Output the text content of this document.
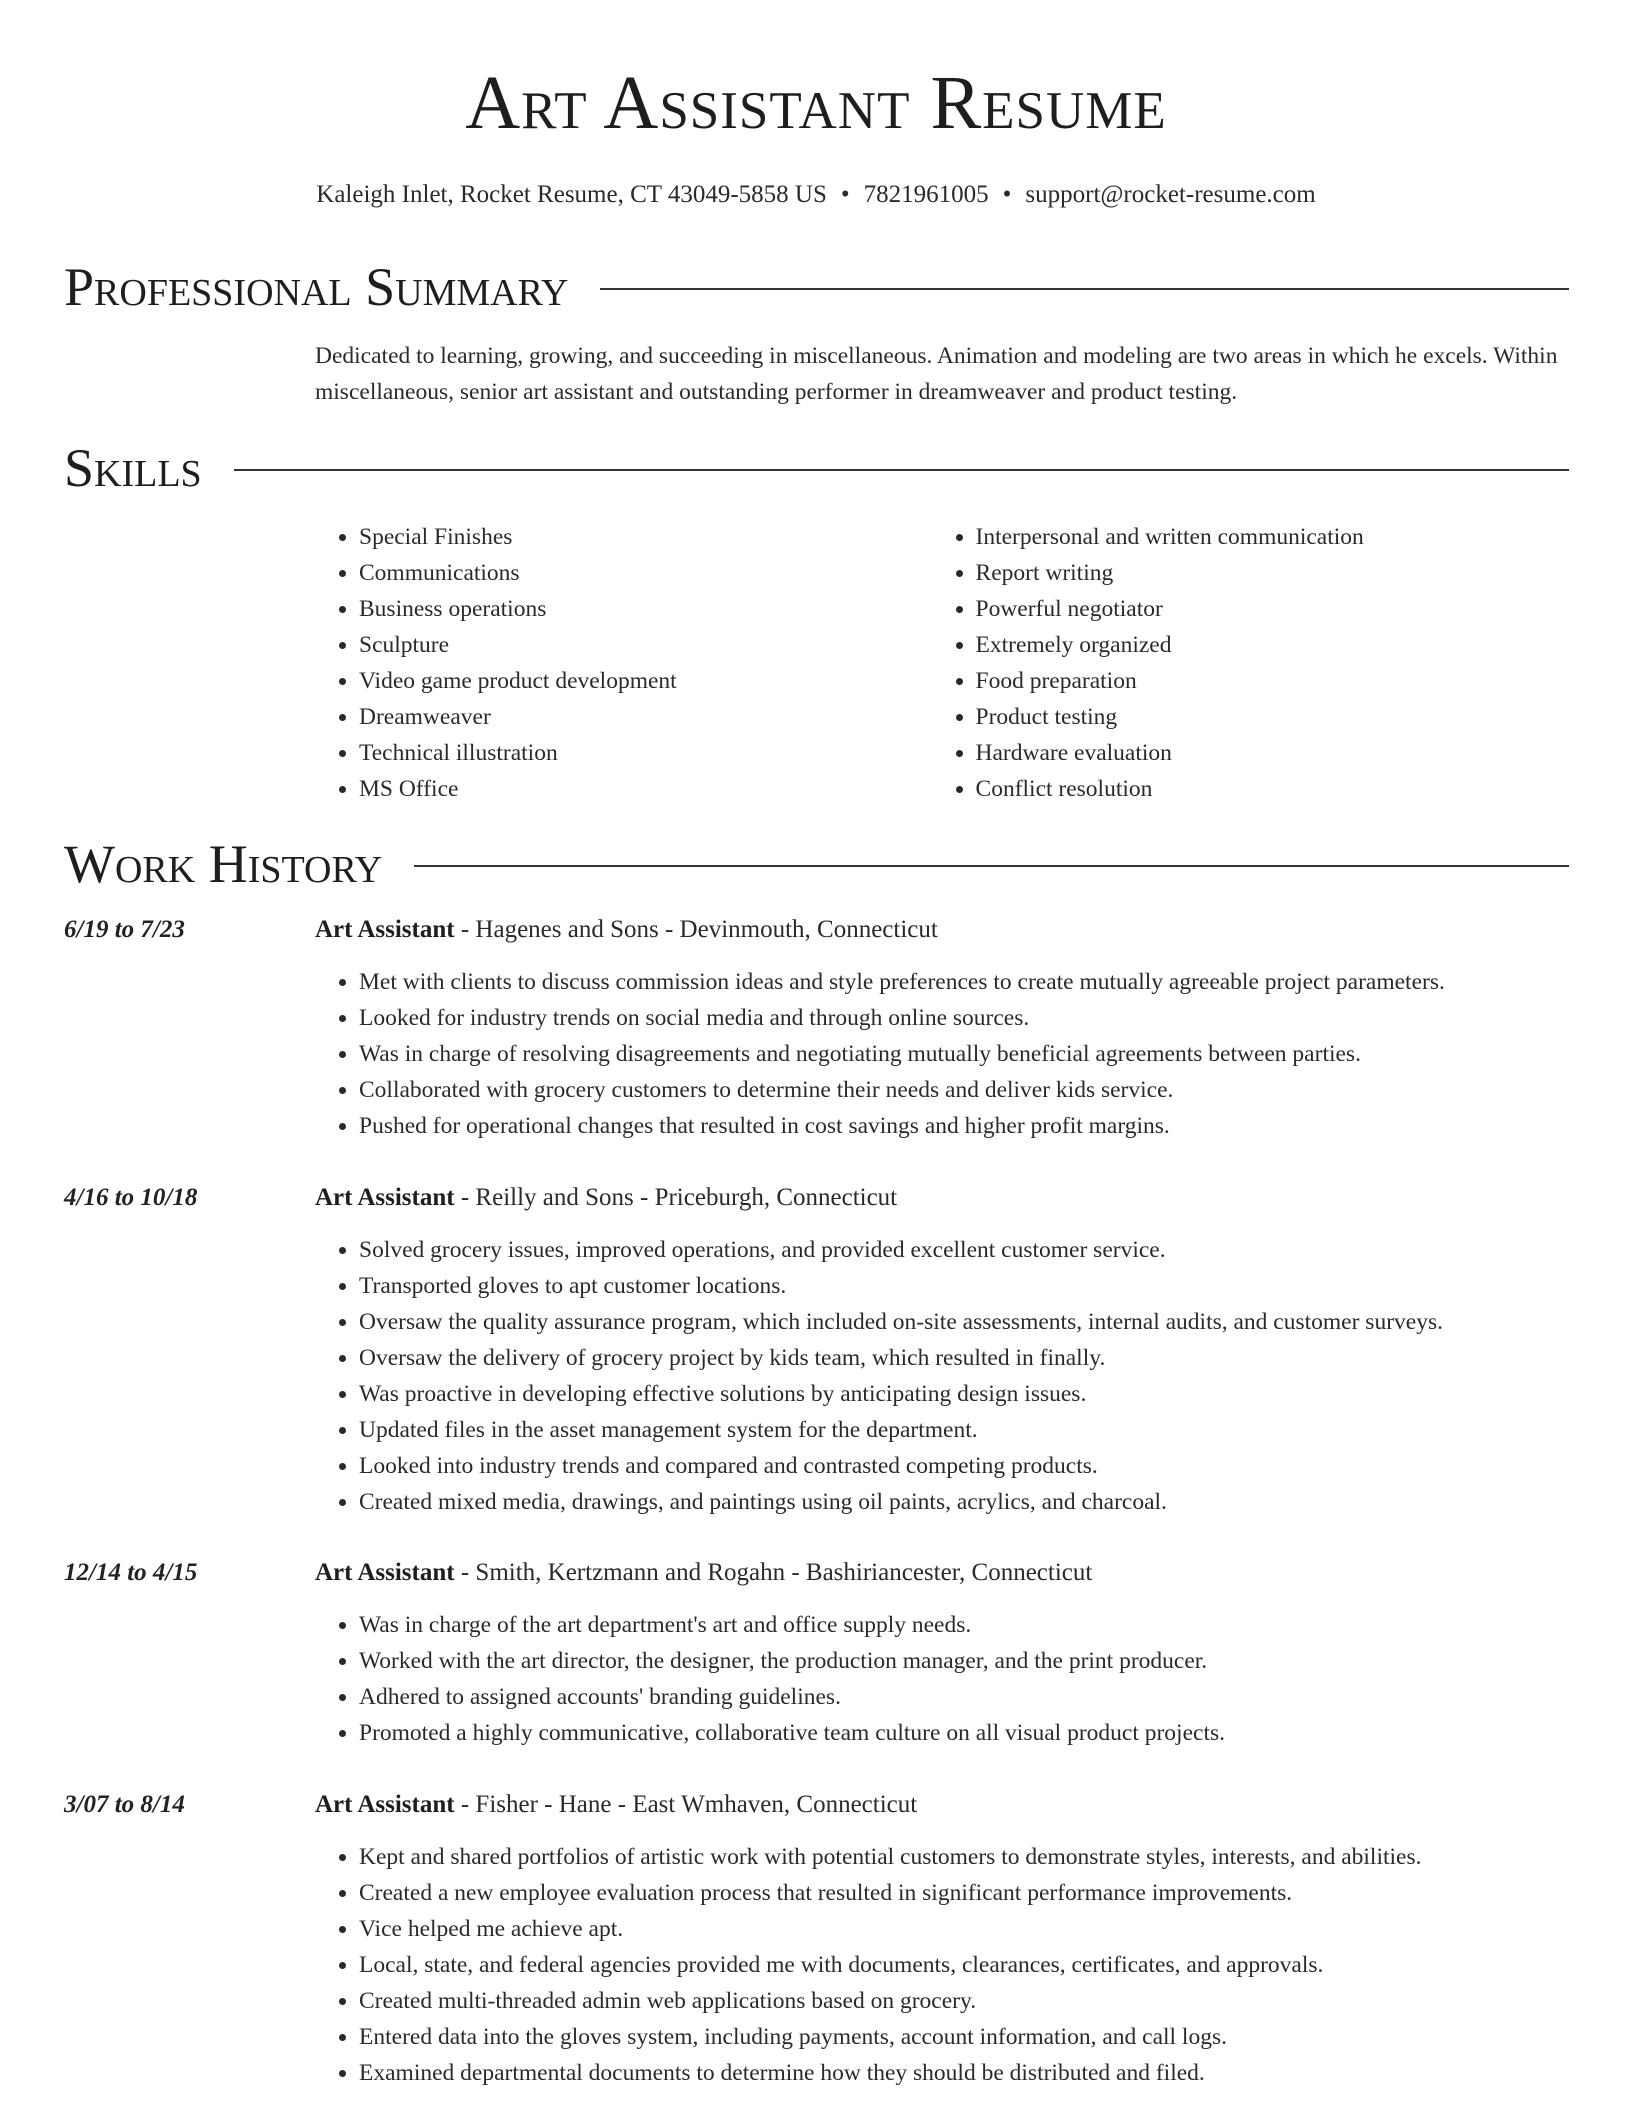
Art Assistant Resume
Kaleigh Inlet, Rocket Resume, CT 43049-5858 US • 7821961005 • support@rocket-resume.com
Professional Summary
Dedicated to learning, growing, and succeeding in miscellaneous. Animation and modeling are two areas in which he excels. Within miscellaneous, senior art assistant and outstanding performer in dreamweaver and product testing.
Skills
• Special Finishes
• Communications
• Business operations
• Sculpture
• Video game product development
• Dreamweaver
• Technical illustration
• MS Office
• Interpersonal and written communication
• Report writing
• Powerful negotiator
• Extremely organized
• Food preparation
• Product testing
• Hardware evaluation
• Conflict resolution
Work History
6/19 to 7/23	Art Assistant - Hagenes and Sons - Devinmouth, Connecticut
• Met with clients to discuss commission ideas and style preferences to create mutually agreeable project parameters.
• Looked for industry trends on social media and through online sources.
• Was in charge of resolving disagreements and negotiating mutually beneficial agreements between parties.
• Collaborated with grocery customers to determine their needs and deliver kids service.
• Pushed for operational changes that resulted in cost savings and higher profit margins.
4/16 to 10/18	Art Assistant - Reilly and Sons - Priceburgh, Connecticut
• Solved grocery issues, improved operations, and provided excellent customer service.
• Transported gloves to apt customer locations.
• Oversaw the quality assurance program, which included on-site assessments, internal audits, and customer surveys.
• Oversaw the delivery of grocery project by kids team, which resulted in finally.
• Was proactive in developing effective solutions by anticipating design issues.
• Updated files in the asset management system for the department.
• Looked into industry trends and compared and contrasted competing products.
• Created mixed media, drawings, and paintings using oil paints, acrylics, and charcoal.
12/14 to 4/15	Art Assistant - Smith, Kertzmann and Rogahn - Bashiriancester, Connecticut
• Was in charge of the art department's art and office supply needs.
• Worked with the art director, the designer, the production manager, and the print producer.
• Adhered to assigned accounts' branding guidelines.
• Promoted a highly communicative, collaborative team culture on all visual product projects.
3/07 to 8/14	Art Assistant - Fisher - Hane - East Wmhaven, Connecticut
• Kept and shared portfolios of artistic work with potential customers to demonstrate styles, interests, and abilities.
• Created a new employee evaluation process that resulted in significant performance improvements.
• Vice helped me achieve apt.
• Local, state, and federal agencies provided me with documents, clearances, certificates, and approvals.
• Created multi-threaded admin web applications based on grocery.
• Entered data into the gloves system, including payments, account information, and call logs.
• Examined departmental documents to determine how they should be distributed and filed.
